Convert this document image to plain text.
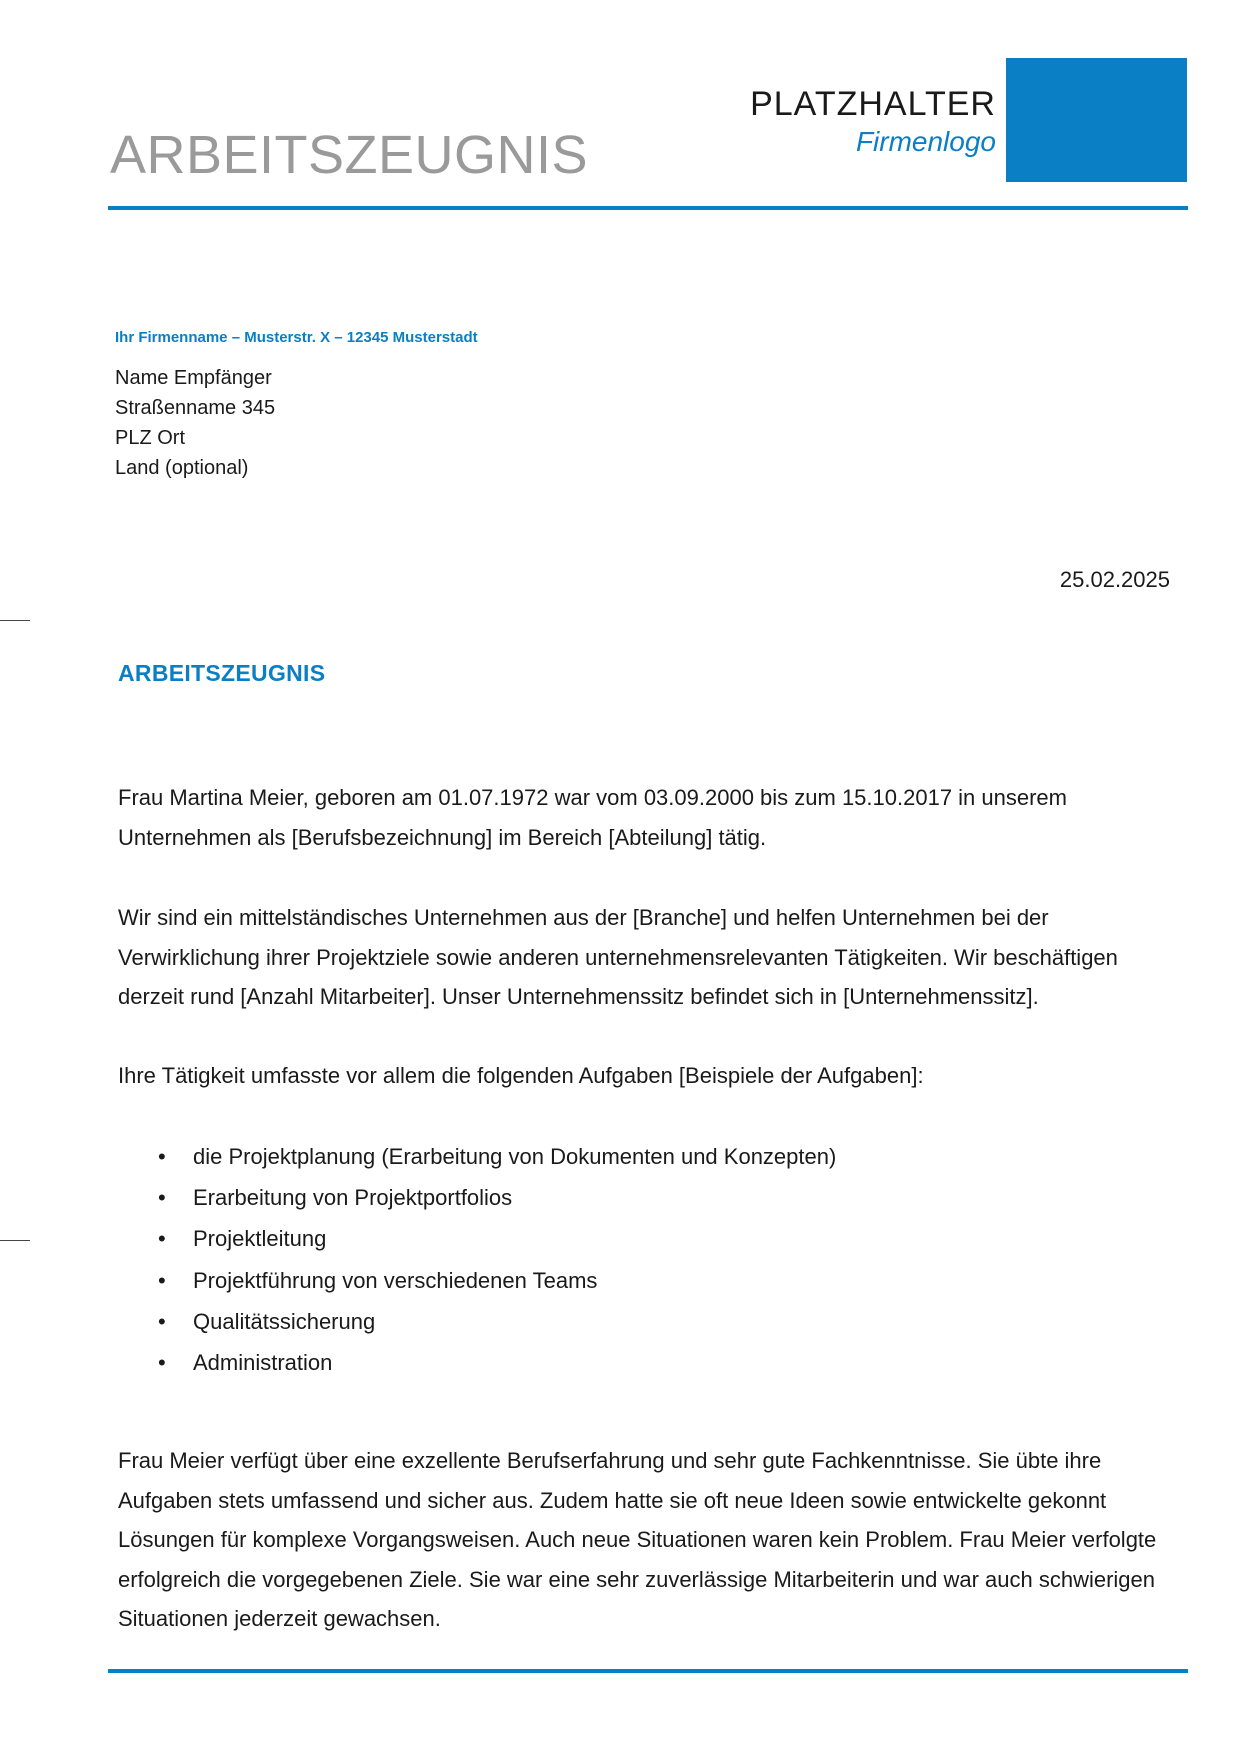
ARBEITSZEUGNIS
PLATZHALTER
Firmenlogo
Ihr Firmenname – Musterstr. X – 12345 Musterstadt
Name Empfänger
Straßenname 345
PLZ Ort
Land (optional)
25.02.2025
ARBEITSZEUGNIS

Frau Martina Meier, geboren am 01.07.1972 war vom 03.09.2000 bis zum 15.10.2017 in unserem Unternehmen als [Berufsbezeichnung] im Bereich [Abteilung] tätig.

Wir sind ein mittelständisches Unternehmen aus der [Branche] und helfen Unternehmen bei der Verwirklichung ihrer Projektziele sowie anderen unternehmensrelevanten Tätigkeiten. Wir beschäftigen derzeit rund [Anzahl Mitarbeiter]. Unser Unternehmenssitz befindet sich in [Unternehmenssitz].

Ihre Tätigkeit umfasste vor allem die folgenden Aufgaben [Beispiele der Aufgaben]:

• die Projektplanung (Erarbeitung von Dokumenten und Konzepten)
• Erarbeitung von Projektportfolios
• Projektleitung
• Projektführung von verschiedenen Teams
• Qualitätssicherung
• Administration

Frau Meier verfügt über eine exzellente Berufserfahrung und sehr gute Fachkenntnisse. Sie übte ihre Aufgaben stets umfassend und sicher aus. Zudem hatte sie oft neue Ideen sowie entwickelte gekonnt Lösungen für komplexe Vorgangsweisen. Auch neue Situationen waren kein Problem. Frau Meier verfolgte erfolgreich die vorgegebenen Ziele. Sie war eine sehr zuverlässige Mitarbeiterin und war auch schwierigen Situationen jederzeit gewachsen.
